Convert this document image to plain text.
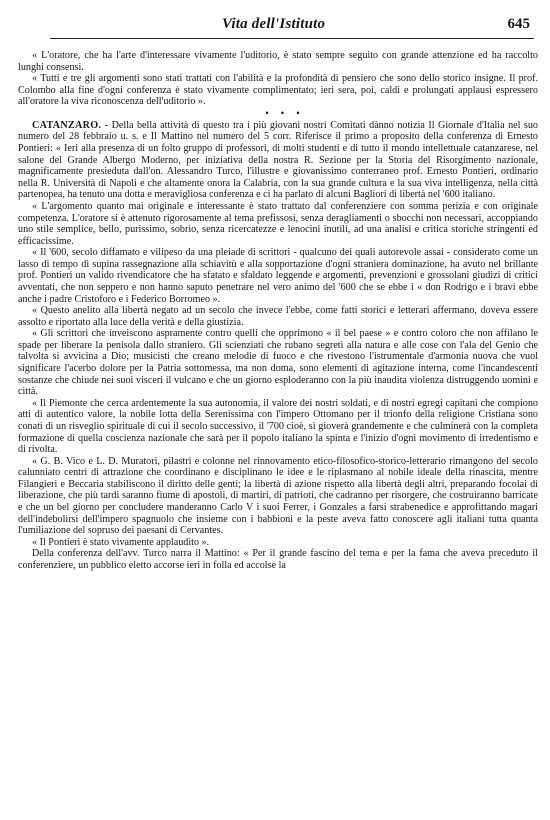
Vita dell'Istituto	645

« L'oratore, che ha l'arte d'interessare vivamente l'uditorio, è stato sempre seguito con grande attenzione ed ha raccolto lunghi consensi.

« Tutti e tre gli argomenti sono stati trattati con l'abilità e la profondità di pensiero che sono dello storico insigne. Il prof. Colombo alla fine d'ogni conferenza è stato vivamente complimentato; ieri sera, poi, caldi e prolungati applausi espressero all'oratore la viva riconoscenza dell'uditorio ».

• • •

CATANZARO. - Della bella attività di questo tra i più giovani nostri Comitati dànno notizia Il Giornale d'Italia nel suo numero del 28 febbraio u. s. e Il Mattino nel numero del 5 corr. Riferisce il primo a proposito della conferenza di Ernesto Pontieri: « Ieri alla presenza di un folto gruppo di professori, di molti studenti e di tutto il mondo intellettuale catanzarese, nel salone del Grande Albergo Moderno, per iniziativa della nostra R. Sezione per la Storia del Risorgimento nazionale, magnificamente presieduta dall'on. Alessandro Turco, l'illustre e giovanissimo conterraneo prof. Ernesto Pontieri, ordinario nella R. Università di Napoli e che altamente onora la Calabria, con la sua grande cultura e la sua viva intelligenza, nella città partenopea, ha tenuto una dotta e meravigliosa conferenza e ci ha parlato di alcuni Bagliori di libertà nel '600 italiano.

« L'argomento quanto mai originale e interessante è stato trattato dal conferenziere con somma perizia e con originale competenza. L'oratore si è attenuto rigorosamente al tema prefissosi, senza deragliamenti o sbocchi non necessari, accoppiando uno stile semplice, bello, purissimo, sobrio, senza ricercatezze e lenocini inutili, ad una analisi e critica storiche stringenti ed efficacissime.

« Il '600, secolo diffamato e vilipeso da una pleiade di scrittori - qualcuno dei quali autorevole assai - considerato come un lasso di tempo di supina rassegnazione alla schiavitù e alla sopportazione d'ogni straniera dominazione, ha avuto nel brillante prof. Pontieri un valido rivendicatore che ha sfatato e sfaldato leggende e argomenti, prevenzioni e grossolani giudizi di critici avventati, che non seppero e non hanno saputo penetrare nel vero animo del '600 che se ebbe i « don Rodrigo e i bravi ebbe anche i padre Cristoforo e i Federico Borromeo ».

« Questo anelito alla libertà negato ad un secolo che invece l'ebbe, come fatti storici e letterari affermano, doveva essere assolto e riportato alla luce della verità e della giustizia.

« Gli scrittori che inveiscono aspramente contro quelli che opprimono « il bel paese » e contro coloro che non affilano le spade per liberare la penisola dallo straniero. Gli scienziati che rubano segreti alla natura e alle cose con l'ala del Genio che talvolta si avvicina a Dio; musicisti che creano melodie di fuoco e che rivestono l'istrumentale d'armonia nuova che vuol significare l'acerbo dolore per la Patria sottomessa, ma non doma, sono elementi di agitazione interna, come l'incandescenti sostanze che chiude nei suoi visceri il vulcano e che un giorno esploderanno con la più inaudita violenza distruggendo uomini e città.

« Il Piemonte che cerca ardentemente la sua autonomia, il valore dei nostri soldati, e di nostri egregi capitani che compiono atti di autentico valore, la nobile lotta della Serenissima con l'impero Ottomano per il trionfo della religione Cristiana sono conati di un risveglio spirituale di cui il secolo successivo, il '700 cioè, si gioverà grandemente e che culminerà con la completa formazione di quella coscienza nazionale che sarà per il popolo italiano la spinta e l'inizio d'ogni movimento di irredentismo e di rivolta.

« G. B. Vico e L. D. Muratori, pilastri e colonne nel rinnovamento etico-filosofico-storico-letterario rimangono del secolo calunniato centri di attrazione che coordinano e disciplinano le idee e le riplasmano al nobile ideale della rinascita, mentre Filangieri e Beccaria stabiliscono il diritto delle genti; la libertà di azione rispetto alla libertà degli altri, preparando focolai di liberazione, che più tardi saranno fiume di apostoli, di martiri, di patrioti, che cadranno per risorgere, che costruiranno barricate e che un bel giorno per concludere manderanno Carlo V i suoi Ferrer, i Gonzales a farsi strabenedice e approfittando magari dell'indebolirsi dell'impero spagnuolo che insieme con i babbioni e la peste aveva fatto conoscere agli italiani tutta quanta l'umiliazione del sopruso dei paesani di Cervantes.

« Il Pontieri è stato vivamente applaudito ».

Della conferenza dell'avv. Turco narra il Mattino: « Per il grande fascino del tema e per la fama che aveva preceduto il conferenziere, un pubblico eletto accorse ieri in folla ed accolse la
